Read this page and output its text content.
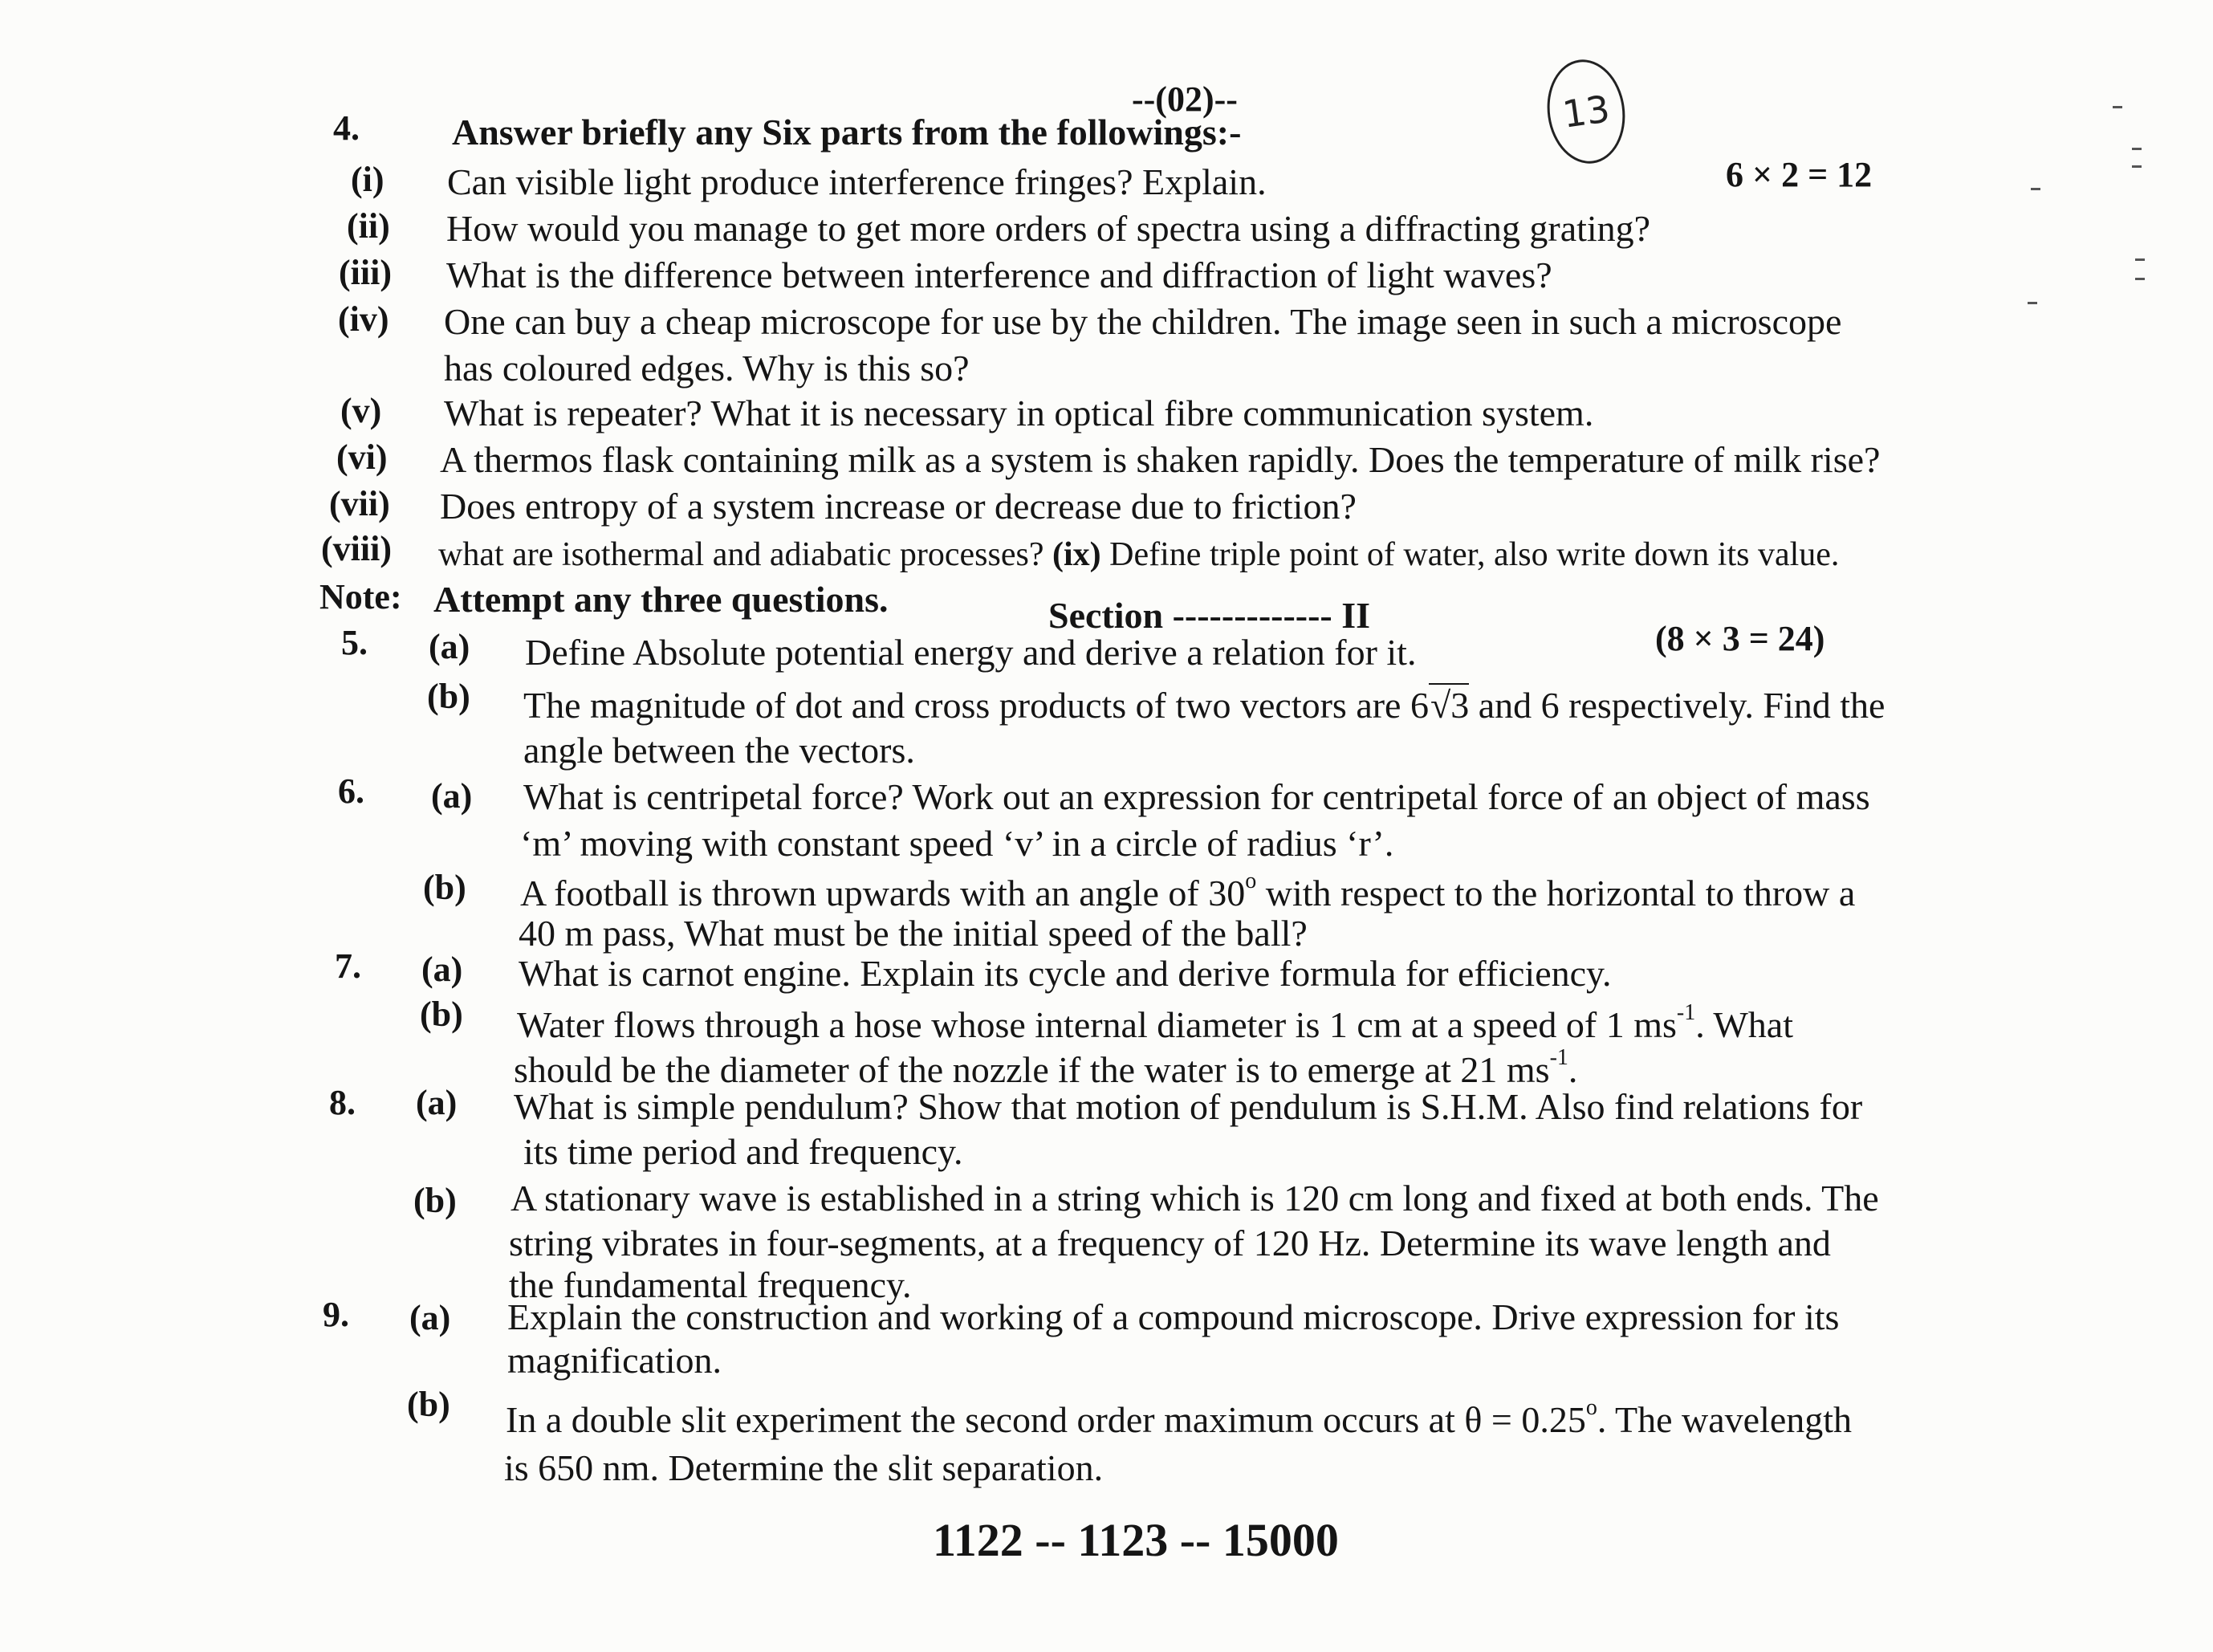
--(02)--	13
4.	Answer briefly any Six parts from the followings:-
6 × 2 = 12
(i) Can visible light produce interference fringes? Explain.
(ii) How would you manage to get more orders of spectra using a diffracting grating?
(iii) What is the difference between interference and diffraction of light waves?
(iv) One can buy a cheap microscope for use by the children. The image seen in such a microscope
has coloured edges. Why is this so?
(v) What is repeater? What it is necessary in optical fibre communication system.
(vi) A thermos flask containing milk as a system is shaken rapidly. Does the temperature of milk rise?
(vii) Does entropy of a system increase or decrease due to friction?
(viii) what are isothermal and adiabatic processes? (ix) Define triple point of water, also write down its value.
Note: Attempt any three questions.	Section ------------- II
(8 × 3 = 24)
5. (a) Define Absolute potential energy and derive a relation for it.
(b) The magnitude of dot and cross products of two vectors are 6√3 and 6 respectively. Find the
angle between the vectors.
6. (a) What is centripetal force? Work out an expression for centripetal force of an object of mass
‘m’ moving with constant speed ‘v’ in a circle of radius ‘r’.
(b) A football is thrown upwards with an angle of 30$^o$ with respect to the horizontal to throw a
40 m pass, What must be the initial speed of the ball?
7. (a) What is carnot engine. Explain its cycle and derive formula for efficiency.
(b) Water flows through a hose whose internal diameter is 1 cm at a speed of 1 $ms^{-1}$. What
should be the diameter of the nozzle if the water is to emerge at 21 $ms^{-1}$.
8. (a) What is simple pendulum? Show that motion of pendulum is S.H.M. Also find relations for
its time period and frequency.
(b) A stationary wave is established in a string which is 120 cm long and fixed at both ends. The
string vibrates in four-segments, at a frequency of 120 Hz. Determine its wave length and
the fundamental frequency.
9. (a) Explain the construction and working of a compound microscope. Drive expression for its
magnification.
(b) In a double slit experiment the second order maximum occurs at $\theta = 0.25^o$. The wavelength
is 650 nm. Determine the slit separation.
1122 -- 1123 -- 15000
